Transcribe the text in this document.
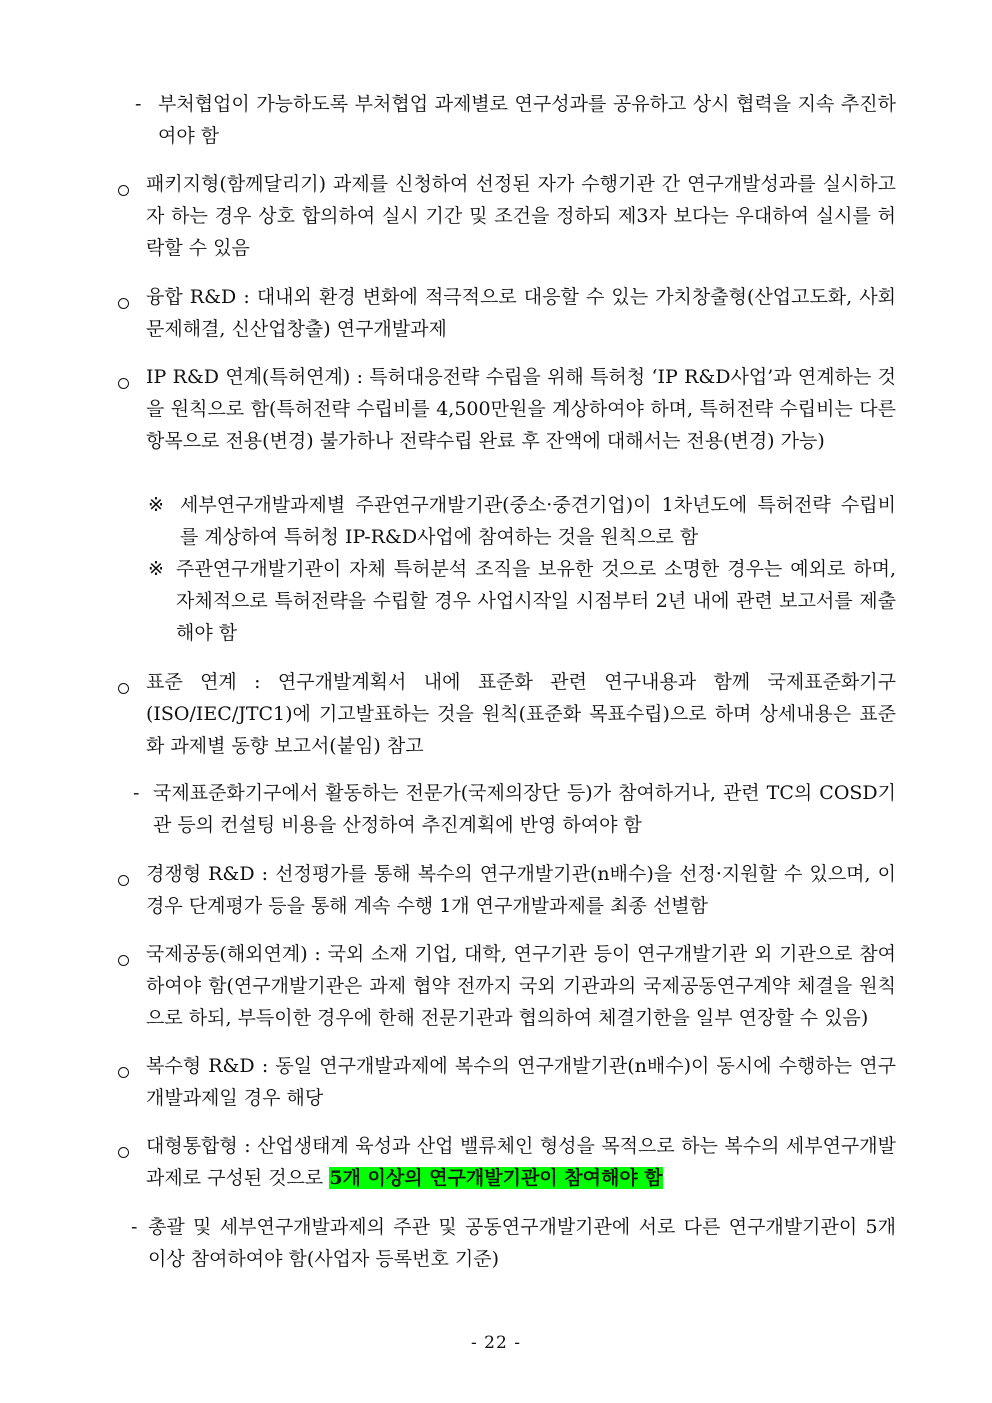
- 부처협업이 가능하도록 부처협업 과제별로 연구성과를 공유하고 상시 협력을 지속 추진하여야 함
패키지형(함께달리기) 과제를 신청하여 선정된 자가 수행기관 간 연구개발성과를 실시하고자 하는 경우 상호 합의하여 실시 기간 및 조건을 정하되 제3자 보다는 우대하여 실시를 허락할 수 있음
융합 R&D : 대내외 환경 변화에 적극적으로 대응할 수 있는 가치창출형(산업고도화, 사회문제해결, 신산업창출) 연구개발과제
IP R&D 연계(특허연계) : 특허대응전략 수립을 위해 특허청 ‘IP R&D사업’과 연계하는 것을 원칙으로 함(특허전략 수립비를 4,500만원을 계상하여야 하며, 특허전략 수립비는 다른 항목으로 전용(변경) 불가하나 전략수립 완료 후 잔액에 대해서는 전용(변경) 가능)
※ 세부연구개발과제별 주관연구개발기관(중소·중견기업)이 1차년도에 특허전략 수립비를 계상하여 특허청 IP-R&D사업에 참여하는 것을 원칙으로 함
※ 주관연구개발기관이 자체 특허분석 조직을 보유한 것으로 소명한 경우는 예외로 하며, 자체적으로 특허전략을 수립할 경우 사업시작일 시점부터 2년 내에 관련 보고서를 제출해야 함
표준 연계 : 연구개발계획서 내에 표준화 관련 연구내용과 함께 국제표준화기구(ISO/IEC/JTC1)에 기고발표하는 것을 원칙(표준화 목표수립)으로 하며 상세내용은 표준화 과제별 동향 보고서(붙임) 참고
- 국제표준화기구에서 활동하는 전문가(국제의장단 등)가 참여하거나, 관련 TC의 COSD기관 등의 컨설팅 비용을 산정하여 추진계획에 반영 하여야 함
경쟁형 R&D : 선정평가를 통해 복수의 연구개발기관(n배수)을 선정·지원할 수 있으며, 이 경우 단계평가 등을 통해 계속 수행 1개 연구개발과제를 최종 선별함
국제공동(해외연계) : 국외 소재 기업, 대학, 연구기관 등이 연구개발기관 외 기관으로 참여하여야 함(연구개발기관은 과제 협약 전까지 국외 기관과의 국제공동연구계약 체결을 원칙으로 하되, 부득이한 경우에 한해 전문기관과 협의하여 체결기한을 일부 연장할 수 있음)
복수형 R&D : 동일 연구개발과제에 복수의 연구개발기관(n배수)이 동시에 수행하는 연구개발과제일 경우 해당
대형통합형 : 산업생태계 육성과 산업 밸류체인 형성을 목적으로 하는 복수의 세부연구개발과제로 구성된 것으로 5개 이상의 연구개발기관이 참여해야 함
- 총괄 및 세부연구개발과제의 주관 및 공동연구개발기관에 서로 다른 연구개발기관이 5개 이상 참여하여야 함(사업자 등록번호 기준)
- 22 -
